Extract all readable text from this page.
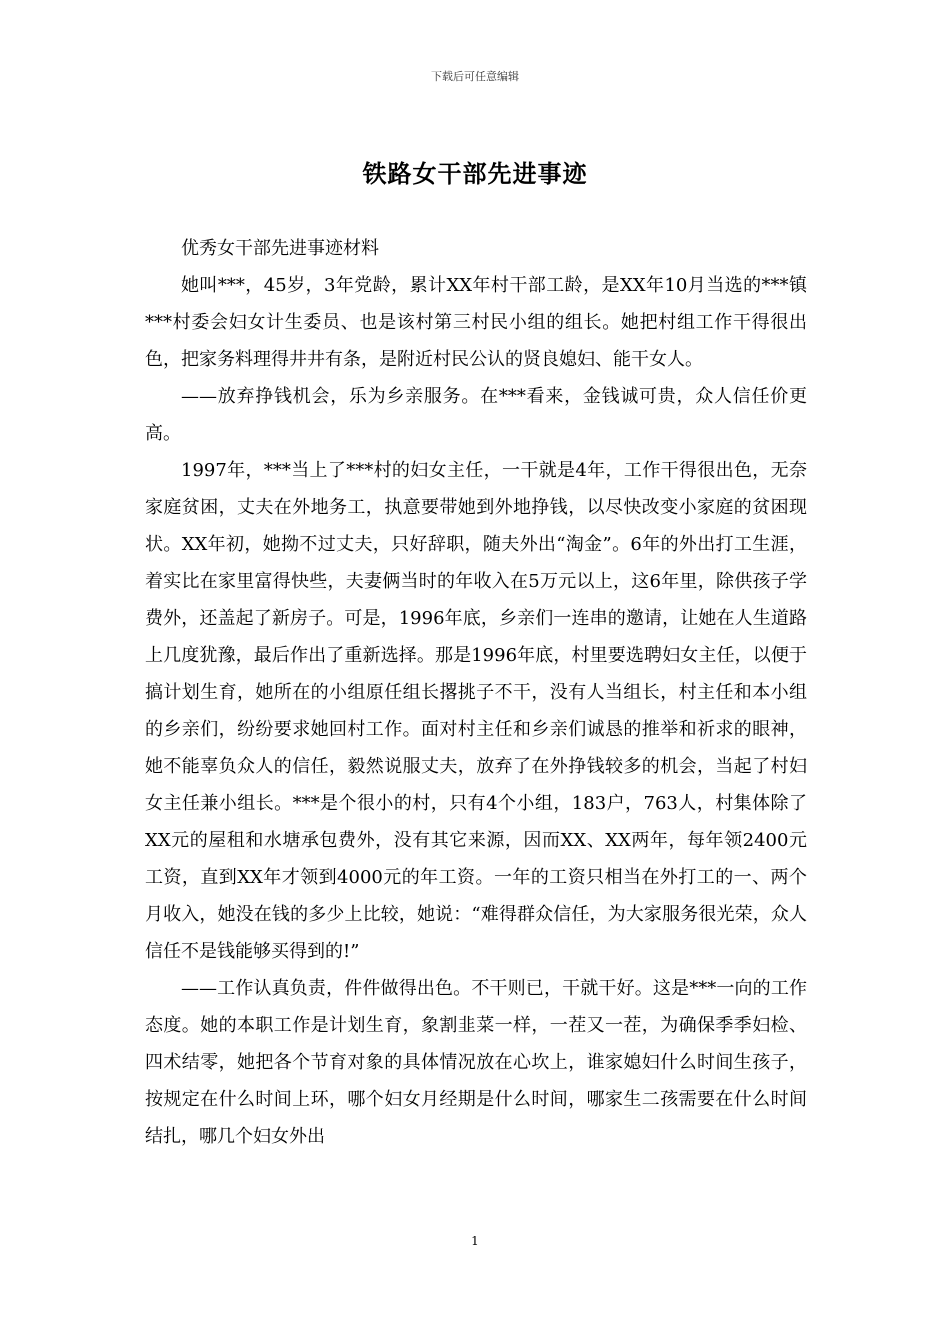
下载后可任意编辑
铁路女干部先进事迹

优秀女干部先进事迹材料

她叫***，45岁，3年党龄，累计XX年村干部工龄，是XX年10月当选的***镇***村委会妇女计生委员、也是该村第三村民小组的组长。她把村组工作干得很出色，把家务料理得井井有条，是附近村民公认的贤良媳妇、能干女人。

——放弃挣钱机会，乐为乡亲服务。在***看来，金钱诚可贵，众人信任价更高。

1997年，***当上了***村的妇女主任，一干就是4年，工作干得很出色，无奈家庭贫困，丈夫在外地务工，执意要带她到外地挣钱，以尽快改变小家庭的贫困现状。XX年初，她拗不过丈夫，只好辞职，随夫外出“淘金”。6年的外出打工生涯，着实比在家里富得快些，夫妻俩当时的年收入在5万元以上，这6年里，除供孩子学费外，还盖起了新房子。可是，1996年底，乡亲们一连串的邀请，让她在人生道路上几度犹豫，最后作出了重新选择。那是1996年底，村里要选聘妇女主任，以便于搞计划生育，她所在的小组原任组长撂挑子不干，没有人当组长，村主任和本小组的乡亲们，纷纷要求她回村工作。面对村主任和乡亲们诚恳的推举和祈求的眼神，她不能辜负众人的信任，毅然说服丈夫，放弃了在外挣钱较多的机会，当起了村妇女主任兼小组长。***是个很小的村，只有4个小组，183户，763人，村集体除了XX元的屋租和水塘承包费外，没有其它来源，因而XX、XX两年，每年领2400元工资，直到XX年才领到4000元的年工资。一年的工资只相当在外打工的一、两个月收入，她没在钱的多少上比较，她说：“难得群众信任，为大家服务很光荣，众人信任不是钱能够买得到的!”

——工作认真负责，件件做得出色。不干则已，干就干好。这是***一向的工作态度。她的本职工作是计划生育，象割韭菜一样，一茬又一茬，为确保季季妇检、四术结零，她把各个节育对象的具体情况放在心坎上，谁家媳妇什么时间生孩子，按规定在什么时间上环，哪个妇女月经期是什么时间，哪家生二孩需要在什么时间结扎，哪几个妇女外出

1
